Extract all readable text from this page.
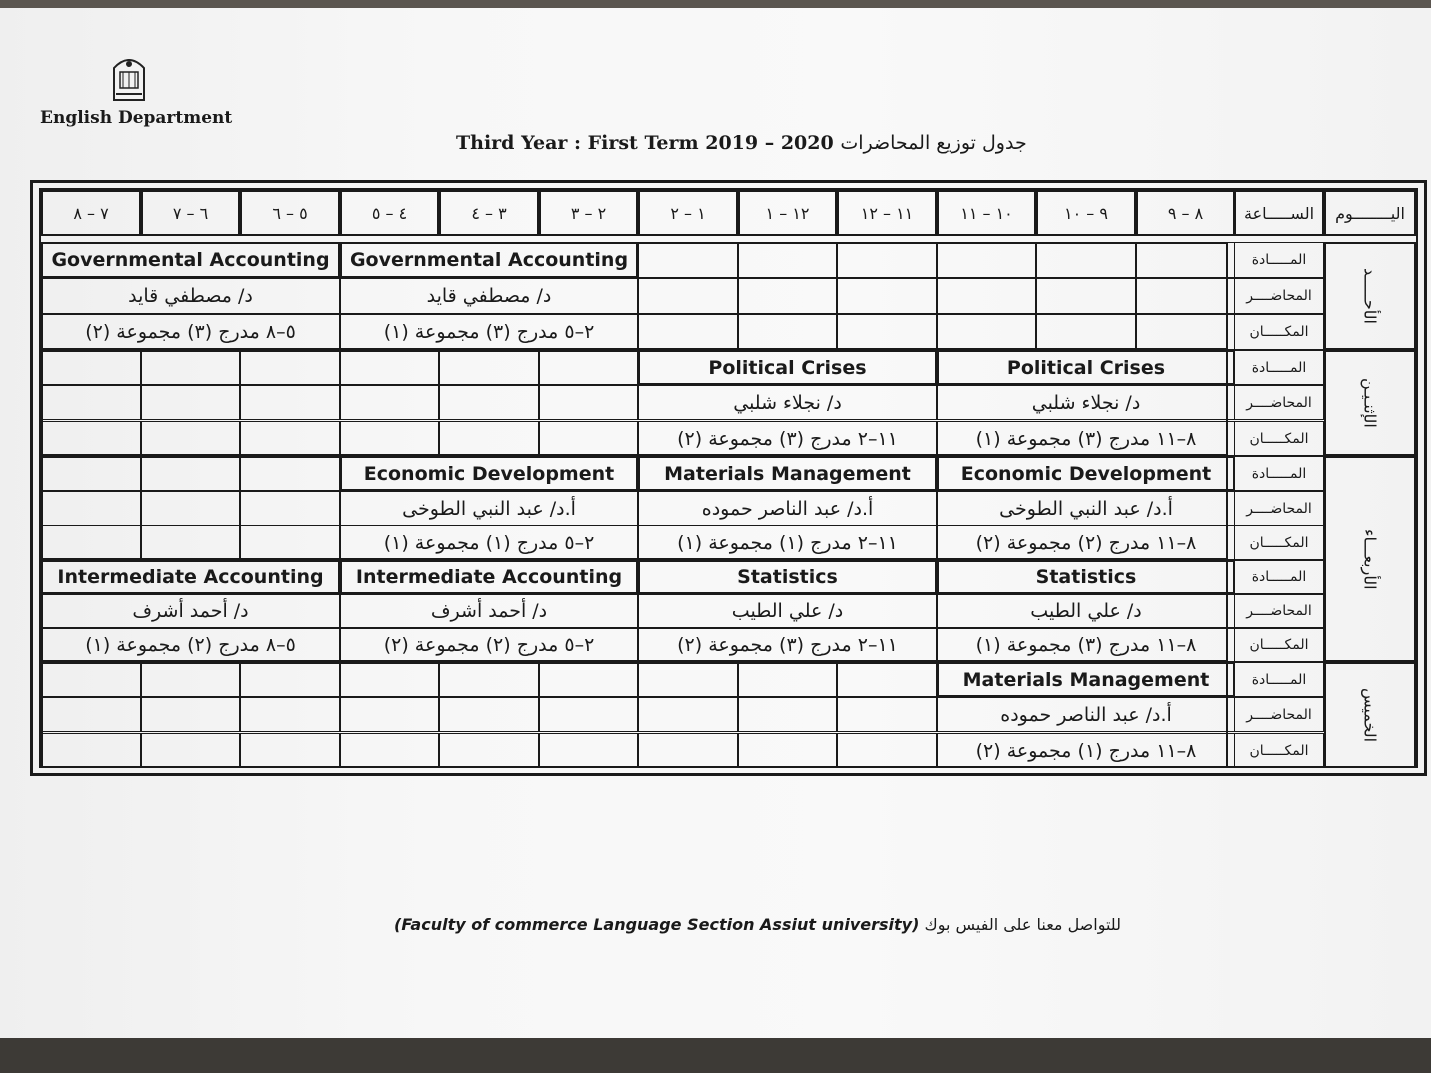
English Department
Third Year : First Term 2019 – 2020 جدول توزيع المحاضرات
اليــــــــوم
الســـــاعة
٨ – ٩
٩ – ١٠
١٠ – ١١
١١ – ١٢
١٢ – ١
١ – ٢
٢ – ٣
٣ – ٤
٤ – ٥
٥ – ٦
٦ – ٧
٧ – ٨
المـــــادة
المحاضــــر
المكـــــان
Governmental Accounting
د/ مصطفي قايد
٥–٨ مدرج (٣) مجموعة (٢)
Governmental Accounting
د/ مصطفي قايد
٢–٥ مدرج (٣) مجموعة (١)
المـــــادة
المحاضــــر
المكـــــان
Political Crises
د/ نجلاء شلبي
١١–٢ مدرج (٣) مجموعة (٢)
Political Crises
د/ نجلاء شلبي
٨–١١ مدرج (٣) مجموعة (١)
المـــــادة
المحاضــــر
المكـــــان
Economic Development
أ.د/ عبد النبي الطوخى
٢–٥ مدرج (١) مجموعة (١)
Materials Management
أ.د/ عبد الناصر حموده
١١–٢ مدرج (١) مجموعة (١)
Economic Development
أ.د/ عبد النبي الطوخى
٨–١١ مدرج (٢) مجموعة (٢)
المـــــادة
المحاضــــر
المكـــــان
Intermediate Accounting
د/ أحمد أشرف
٥–٨ مدرج (٢) مجموعة (١)
Intermediate Accounting
د/ أحمد أشرف
٢–٥ مدرج (٢) مجموعة (٢)
Statistics
د/ علي الطيب
١١–٢ مدرج (٣) مجموعة (٢)
Statistics
د/ علي الطيب
٨–١١ مدرج (٣) مجموعة (١)
المـــــادة
المحاضــــر
المكـــــان
Materials Management
أ.د/ عبد الناصر حموده
٨–١١ مدرج (١) مجموعة (٢)
الأحـــــد
الإثنـيـن
الأربعـــاء
الخميس
(Faculty of commerce Language Section Assiut university) للتواصل معنا على الفيس بوك
